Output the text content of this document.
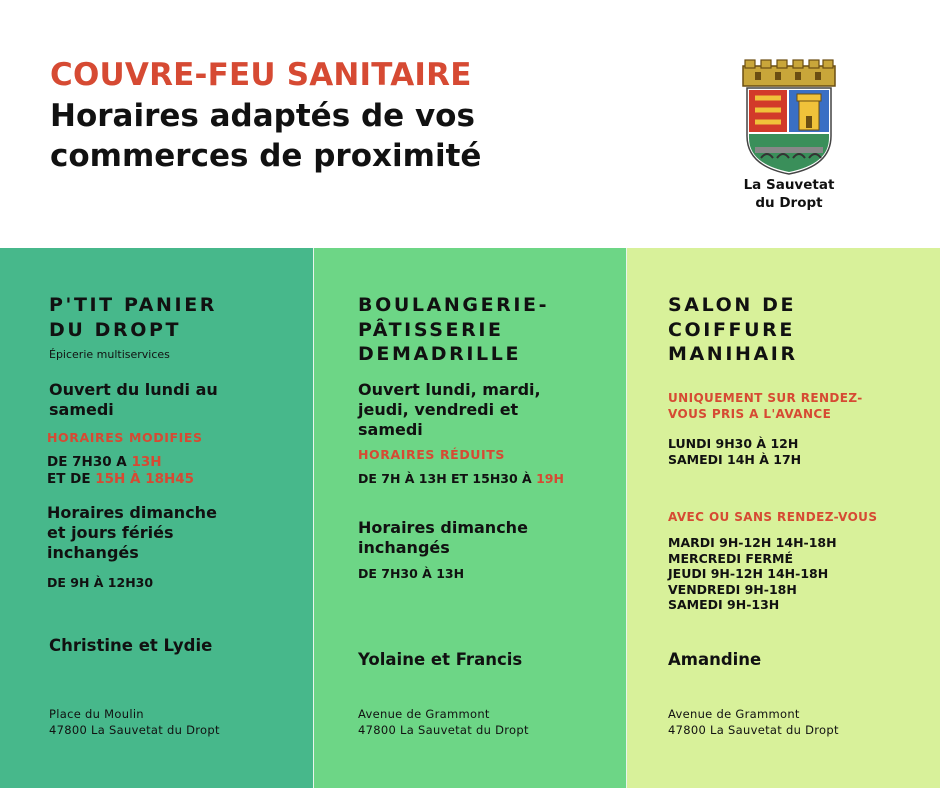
COUVRE-FEU SANITAIRE
Horaires adaptés de vos
commerces de proximité
La Sauvetat
du Dropt
P'TIT PANIER
DU DROPT
Épicerie multiservices
Ouvert du lundi au
samedi
HORAIRES MODIFIES
DE 7H30 A 13H
ET DE 15H À 18H45
Horaires dimanche
et jours fériés
inchangés
DE 9H À 12H30
Christine et Lydie
Place du Moulin
47800 La Sauvetat du Dropt
BOULANGERIE-
PÂTISSERIE
DEMADRILLE
Ouvert lundi, mardi,
jeudi, vendredi et
samedi
HORAIRES RÉDUITS
DE 7H À 13H ET 15H30 À 19H
Horaires dimanche
inchangés
DE 7H30 À 13H
Yolaine et Francis
Avenue de Grammont
47800 La Sauvetat du Dropt
SALON DE
COIFFURE
MANIHAIR
UNIQUEMENT SUR RENDEZ-
VOUS PRIS A L'AVANCE
LUNDI 9H30 À 12H
SAMEDI 14H À 17H
AVEC OU SANS RENDEZ-VOUS
MARDI 9H-12H 14H-18H
MERCREDI FERMÉ
JEUDI 9H-12H 14H-18H
VENDREDI 9H-18H
SAMEDI 9H-13H
Amandine
Avenue de Grammont
47800 La Sauvetat du Dropt
